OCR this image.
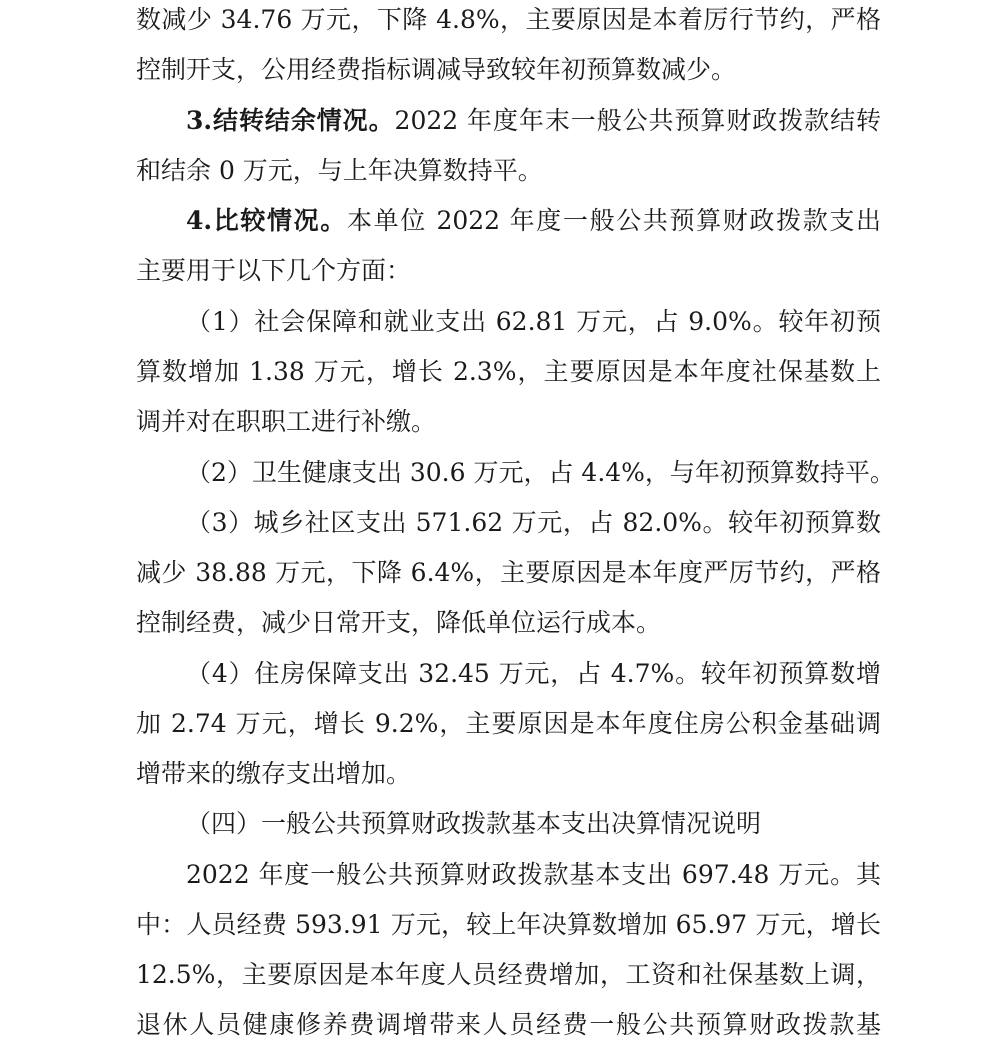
数减少 34.76 万元，下降 4.8%，主要原因是本着厉行节约，严格
控制开支，公用经费指标调减导致较年初预算数减少。
3.结转结余情况。2022 年度年末一般公共预算财政拨款结转
和结余 0 万元，与上年决算数持平。
4.比较情况。本单位 2022 年度一般公共预算财政拨款支出
主要用于以下几个方面：
（1）社会保障和就业支出 62.81 万元，占 9.0%。较年初预
算数增加 1.38 万元，增长 2.3%，主要原因是本年度社保基数上
调并对在职职工进行补缴。
（2）卫生健康支出 30.6 万元，占 4.4%，与年初预算数持平。
（3）城乡社区支出 571.62 万元，占 82.0%。较年初预算数
减少 38.88 万元，下降 6.4%，主要原因是本年度严厉节约，严格
控制经费，减少日常开支，降低单位运行成本。
（4）住房保障支出 32.45 万元，占 4.7%。较年初预算数增
加 2.74 万元，增长 9.2%，主要原因是本年度住房公积金基础调
增带来的缴存支出增加。
（四）一般公共预算财政拨款基本支出决算情况说明
2022 年度一般公共预算财政拨款基本支出 697.48 万元。其
中：人员经费 593.91 万元，较上年决算数增加 65.97 万元，增长
12.5%，主要原因是本年度人员经费增加，工资和社保基数上调，
退休人员健康修养费调增带来人员经费一般公共预算财政拨款基
